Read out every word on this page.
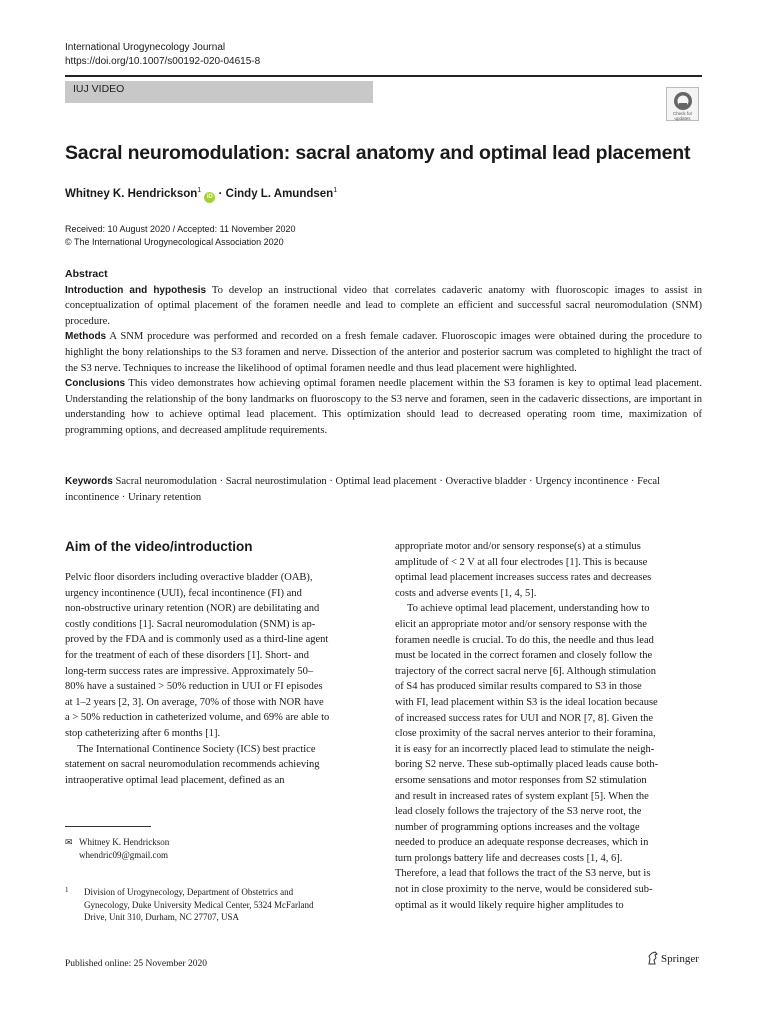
International Urogynecology Journal
https://doi.org/10.1007/s00192-020-04615-8
IUJ VIDEO
Check for
updates
Sacral neuromodulation: sacral anatomy and optimal lead placement
Whitney K. Hendrickson$^1$ iD · Cindy L. Amundsen$^1$
Received: 10 August 2020 / Accepted: 11 November 2020
© The International Urogynecological Association 2020
Abstract

Introduction and hypothesis To develop an instructional video that correlates cadaveric anatomy with fluoroscopic images to assist in conceptualization of optimal placement of the foramen needle and lead to complete an efficient and successful sacral neuromodulation (SNM) procedure.

Methods A SNM procedure was performed and recorded on a fresh female cadaver. Fluoroscopic images were obtained during the procedure to highlight the bony relationships to the S3 foramen and nerve. Dissection of the anterior and posterior sacrum was completed to highlight the tract of the S3 nerve. Techniques to increase the likelihood of optimal foramen needle and thus lead placement were highlighted.

Conclusions This video demonstrates how achieving optimal foramen needle placement within the S3 foramen is key to optimal lead placement. Understanding the relationship of the bony landmarks on fluoroscopy to the S3 nerve and foramen, seen in the cadaveric dissections, are important in understanding how to achieve optimal lead placement. This optimization should lead to decreased operating room time, maximization of programming options, and decreased amplitude requirements.

Keywords Sacral neuromodulation · Sacral neurostimulation · Optimal lead placement · Overactive bladder · Urgency incontinence · Fecal incontinence · Urinary retention
Aim of the video/introduction

Pelvic floor disorders including overactive bladder (OAB),
urgency incontinence (UUI), fecal incontinence (FI) and
non-obstructive urinary retention (NOR) are debilitating and
costly conditions [1]. Sacral neuromodulation (SNM) is ap-
proved by the FDA and is commonly used as a third-line agent
for the treatment of each of these disorders [1]. Short- and
long-term success rates are impressive. Approximately 50–
80% have a sustained > 50% reduction in UUI or FI episodes
at 1–2 years [2, 3]. On average, 70% of those with NOR have
a > 50% reduction in catheterized volume, and 69% are able to
stop catheterizing after 6 months [1].

The International Continence Society (ICS) best practice
statement on sacral neuromodulation recommends achieving
intraoperative optimal lead placement, defined as an

appropriate motor and/or sensory response(s) at a stimulus
amplitude of < 2 V at all four electrodes [1]. This is because
optimal lead placement increases success rates and decreases
costs and adverse events [1, 4, 5].

To achieve optimal lead placement, understanding how to
elicit an appropriate motor and/or sensory response with the
foramen needle is crucial. To do this, the needle and thus lead
must be located in the correct foramen and closely follow the
trajectory of the correct sacral nerve [6]. Although stimulation
of S4 has produced similar results compared to S3 in those
with FI, lead placement within S3 is the ideal location because
of increased success rates for UUI and NOR [7, 8]. Given the
close proximity of the sacral nerves anterior to their foramina,
it is easy for an incorrectly placed lead to stimulate the neigh-
boring S2 nerve. These sub-optimally placed leads cause both-
ersome sensations and motor responses from S2 stimulation
and result in increased rates of system explant [5]. When the
lead closely follows the trajectory of the S3 nerve root, the
number of programming options increases and the voltage
needed to produce an adequate response decreases, which in
turn prolongs battery life and decreases costs [1, 4, 6].
Therefore, a lead that follows the tract of the S3 nerve, but is
not in close proximity to the nerve, would be considered sub-
optimal as it would likely require higher amplitudes to

✉ Whitney K. Hendrickson
whendric09@gmail.com
1	Division of Urogynecology, Department of Obstetrics and
Gynecology, Duke University Medical Center, 5324 McFarland
Drive, Unit 310, Durham, NC 27707, USA
Published online: 25 November 2020	Springer
